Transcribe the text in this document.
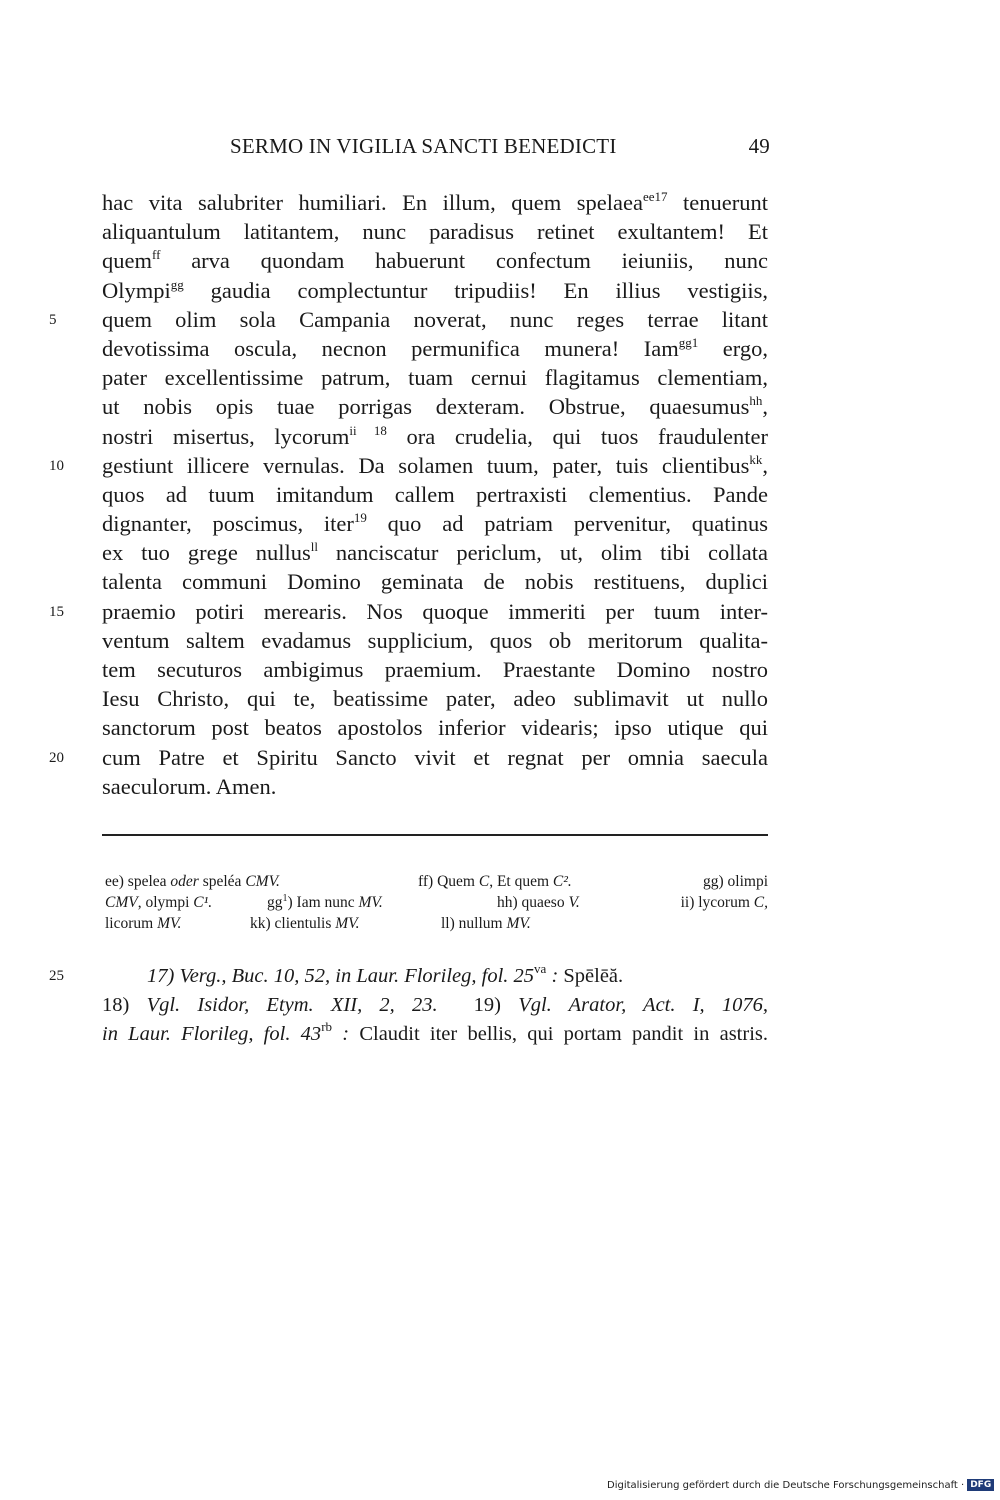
SERMO IN VIGILIA SANCTI BENEDICTI	49
hac vita salubriter humiliari. En illum, quem spelaea$^{ee17}$ tenuerunt
aliquantulum latitantem, nunc paradisus retinet exultantem! Et
quem$^{ff}$ arva quondam habuerunt confectum ieiuniis, nunc
Olympi$^{gg}$ gaudia complectuntur tripudiis! En illius vestigiis,
5 quem olim sola Campania noverat, nunc reges terrae litant
devotissima oscula, necnon permunifica munera! Iam$^{gg1}$ ergo,
pater excellentissime patrum, tuam cernui flagitamus clementiam,
ut nobis opis tuae porrigas dexteram. Obstrue, quaesumus$^{hh}$,
nostri misertus, lycorum$^{ii 18}$ ora crudelia, qui tuos fraudulenter
10 gestiunt illicere vernulas. Da solamen tuum, pater, tuis clientibus$^{kk}$,
quos ad tuum imitandum callem pertraxisti clementius. Pande
dignanter, poscimus, iter$^{19}$ quo ad patriam pervenitur, quatinus
ex tuo grege nullus$^{ll}$ nanciscatur periclum, ut, olim tibi collata
talenta communi Domino geminata de nobis restituens, duplici
15 praemio potiri merearis. Nos quoque immeriti per tuum inter-
ventum saltem evadamus supplicium, quos ob meritorum qualita-
tem secuturos ambigimus praemium. Praestante Domino nostro
Iesu Christo, qui te, beatissime pater, adeo sublimavit ut nullo
sanctorum post beatos apostolos inferior videaris; ipso utique qui
20 cum Patre et Spiritu Sancto vivit et regnat per omnia saecula
saeculorum. Amen.
ee) spelea oder speléa CMV.	ff) Quem C, Et quem C².	gg) olimpi
CMV, olympi C¹.	$gg^1$) Iam nunc MV.	hh) quaeso V.	ii) lycorum C,
licorum MV.	kk) clientulis MV.	ll) nullum MV.
25	17) Verg., Buc. 10, 52, in Laur. Florileg, fol. $25^{va}$ : Spēlēă.
18) Vgl. Isidor, Etym. XII, 2, 23. 19) Vgl. Arator, Act. I, 1076,
in Laur. Florileg, fol. $43^{rb}$ : Claudit iter bellis, qui portam pandit in astris.
Digitalisierung gefördert durch die Deutsche Forschungsgemeinschaft · DFG
